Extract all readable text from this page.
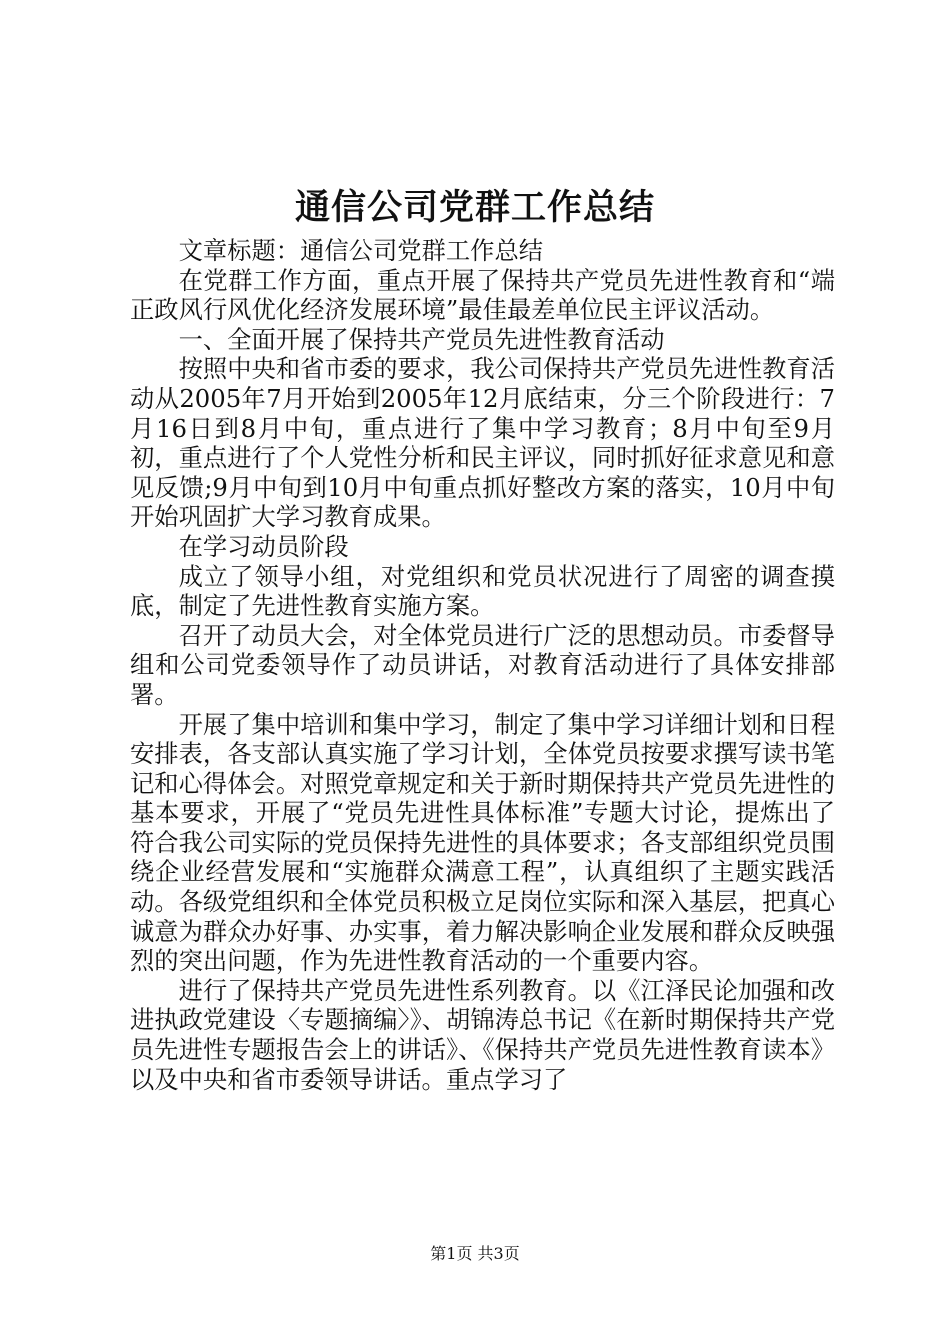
通信公司党群工作总结

文章标题：通信公司党群工作总结

在党群工作方面，重点开展了保持共产党员先进性教育和“端正政风行风优化经济发展环境”最佳最差单位民主评议活动。

一、全面开展了保持共产党员先进性教育活动

按照中央和省市委的要求，我公司保持共产党员先进性教育活动从2005年7月开始到2005年12月底结束，分三个阶段进行：7月16日到8月中旬，重点进行了集中学习教育；8月中旬至9月初，重点进行了个人党性分析和民主评议，同时抓好征求意见和意见反馈;9月中旬到10月中旬重点抓好整改方案的落实，10月中旬开始巩固扩大学习教育成果。

在学习动员阶段

成立了领导小组，对党组织和党员状况进行了周密的调查摸底，制定了先进性教育实施方案。

召开了动员大会，对全体党员进行广泛的思想动员。市委督导组和公司党委领导作了动员讲话，对教育活动进行了具体安排部署。

开展了集中培训和集中学习，制定了集中学习详细计划和日程安排表，各支部认真实施了学习计划，全体党员按要求撰写读书笔记和心得体会。对照党章规定和关于新时期保持共产党员先进性的基本要求，开展了“党员先进性具体标准”专题大讨论，提炼出了符合我公司实际的党员保持先进性的具体要求；各支部组织党员围绕企业经营发展和“实施群众满意工程”，认真组织了主题实践活动。各级党组织和全体党员积极立足岗位实际和深入基层，把真心诚意为群众办好事、办实事，着力解决影响企业发展和群众反映强烈的突出问题，作为先进性教育活动的一个重要内容。

进行了保持共产党员先进性系列教育。以《江泽民论加强和改进执政党建设〈专题摘编〉》、胡锦涛总书记《在新时期保持共产党员先进性专题报告会上的讲话》、《保持共产党员先进性教育读本》以及中央和省市委领导讲话。重点学习了

第1页 共3页
